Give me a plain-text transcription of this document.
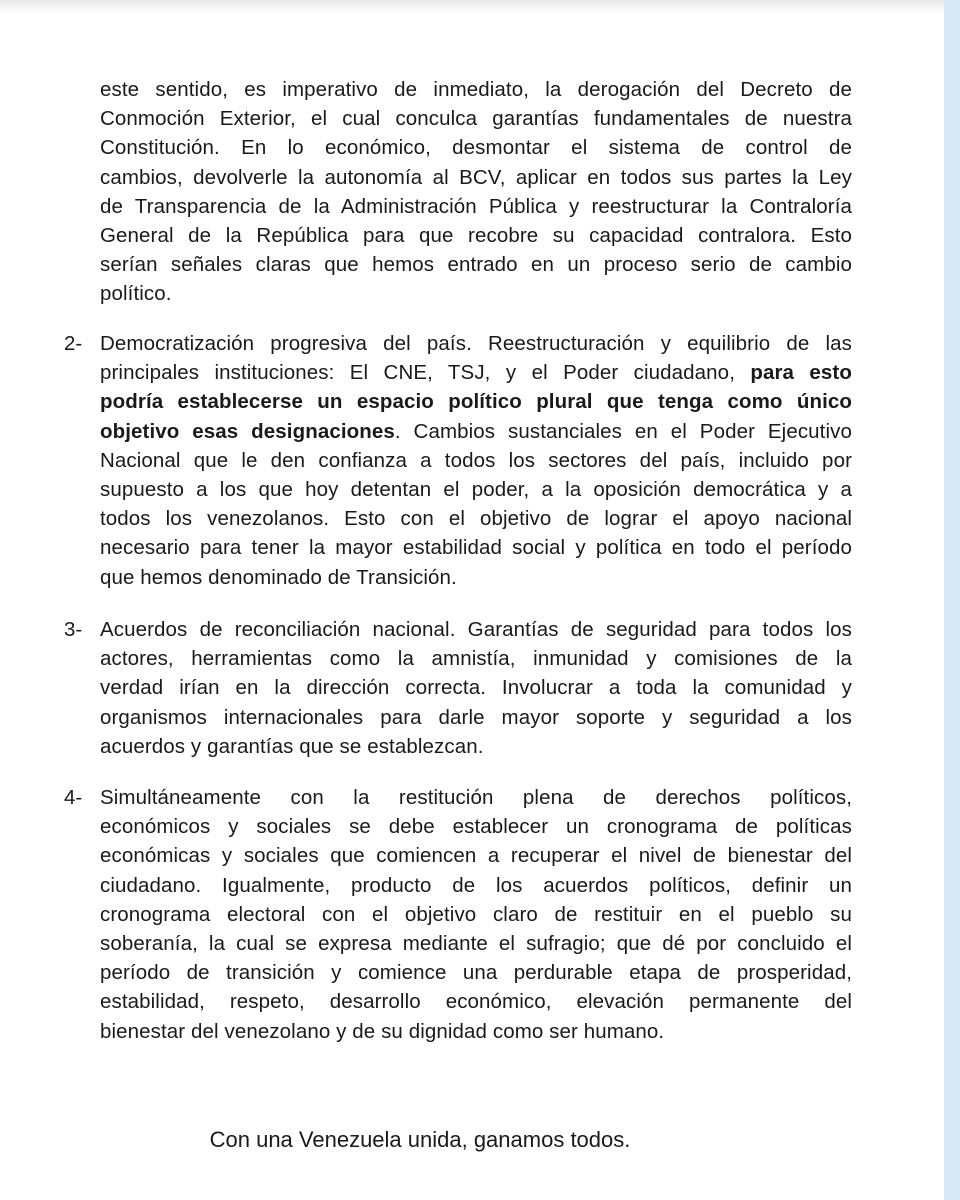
este sentido, es imperativo de inmediato, la derogación del Decreto de
Conmoción Exterior, el cual conculca garantías fundamentales de nuestra
Constitución. En lo económico, desmontar el sistema de control de
cambios, devolverle la autonomía al BCV, aplicar en todos sus partes la Ley
de Transparencia de la Administración Pública y reestructurar la Contraloría
General de la República para que recobre su capacidad contralora. Esto
serían señales claras que hemos entrado en un proceso serio de cambio
político.
2- Democratización progresiva del país. Reestructuración y equilibrio de las
principales instituciones: El CNE, TSJ, y el Poder ciudadano, para esto
podría establecerse un espacio político plural que tenga como único
objetivo esas designaciones. Cambios sustanciales en el Poder Ejecutivo
Nacional que le den confianza a todos los sectores del país, incluido por
supuesto a los que hoy detentan el poder, a la oposición democrática y a
todos los venezolanos. Esto con el objetivo de lograr el apoyo nacional
necesario para tener la mayor estabilidad social y política en todo el período
que hemos denominado de Transición.
3- Acuerdos de reconciliación nacional. Garantías de seguridad para todos los
actores, herramientas como la amnistía, inmunidad y comisiones de la
verdad irían en la dirección correcta. Involucrar a toda la comunidad y
organismos internacionales para darle mayor soporte y seguridad a los
acuerdos y garantías que se establezcan.
4- Simultáneamente con la restitución plena de derechos políticos,
económicos y sociales se debe establecer un cronograma de políticas
económicas y sociales que comiencen a recuperar el nivel de bienestar del
ciudadano. Igualmente, producto de los acuerdos políticos, definir un
cronograma electoral con el objetivo claro de restituir en el pueblo su
soberanía, la cual se expresa mediante el sufragio; que dé por concluido el
período de transición y comience una perdurable etapa de prosperidad,
estabilidad, respeto, desarrollo económico, elevación permanente del
bienestar del venezolano y de su dignidad como ser humano.
Con una Venezuela unida, ganamos todos.
